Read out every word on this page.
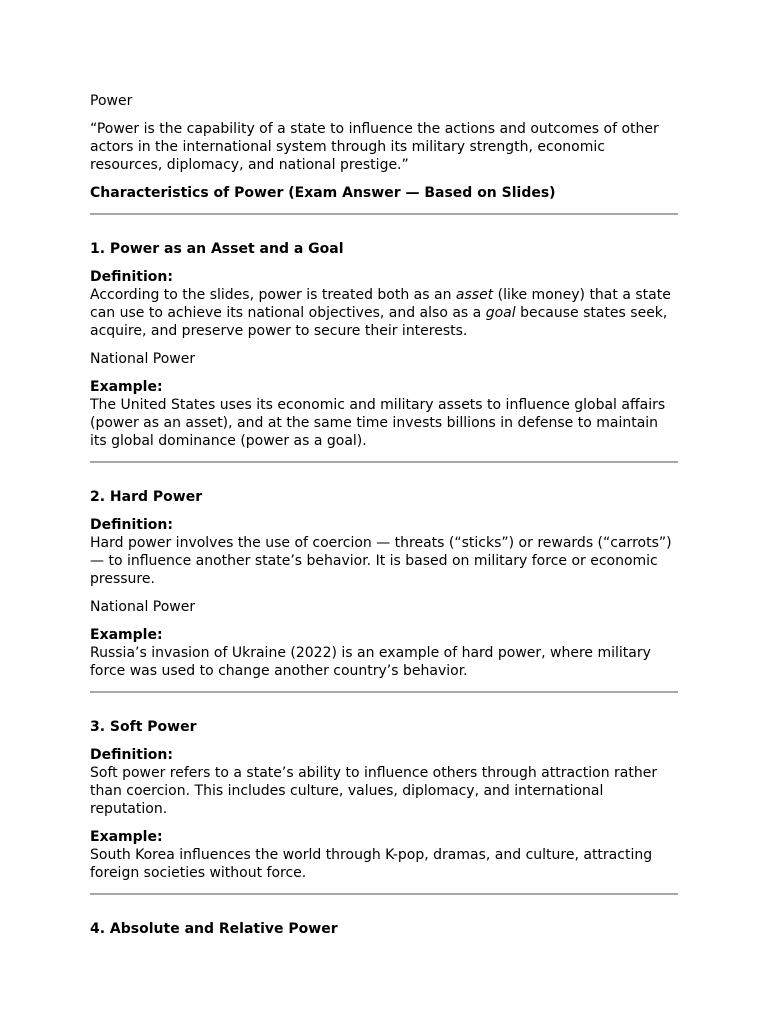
Power

“Power is the capability of a state to influence the actions and outcomes of other actors in the international system through its military strength, economic resources, diplomacy, and national prestige.”

Characteristics of Power (Exam Answer — Based on Slides)

1. Power as an Asset and a Goal

Definition:

According to the slides, power is treated both as an asset (like money) that a state can use to achieve its national objectives, and also as a goal because states seek, acquire, and preserve power to secure their interests.

National Power

Example:

The United States uses its economic and military assets to influence global affairs (power as an asset), and at the same time invests billions in defense to maintain its global dominance (power as a goal).

2. Hard Power

Definition:

Hard power involves the use of coercion — threats (“sticks”) or rewards (“carrots”) — to influence another state’s behavior. It is based on military force or economic pressure.

National Power

Example:

Russia’s invasion of Ukraine (2022) is an example of hard power, where military force was used to change another country’s behavior.

3. Soft Power

Definition:

Soft power refers to a state’s ability to influence others through attraction rather than coercion. This includes culture, values, diplomacy, and international reputation.

Example:

South Korea influences the world through K-pop, dramas, and culture, attracting foreign societies without force.

4. Absolute and Relative Power
